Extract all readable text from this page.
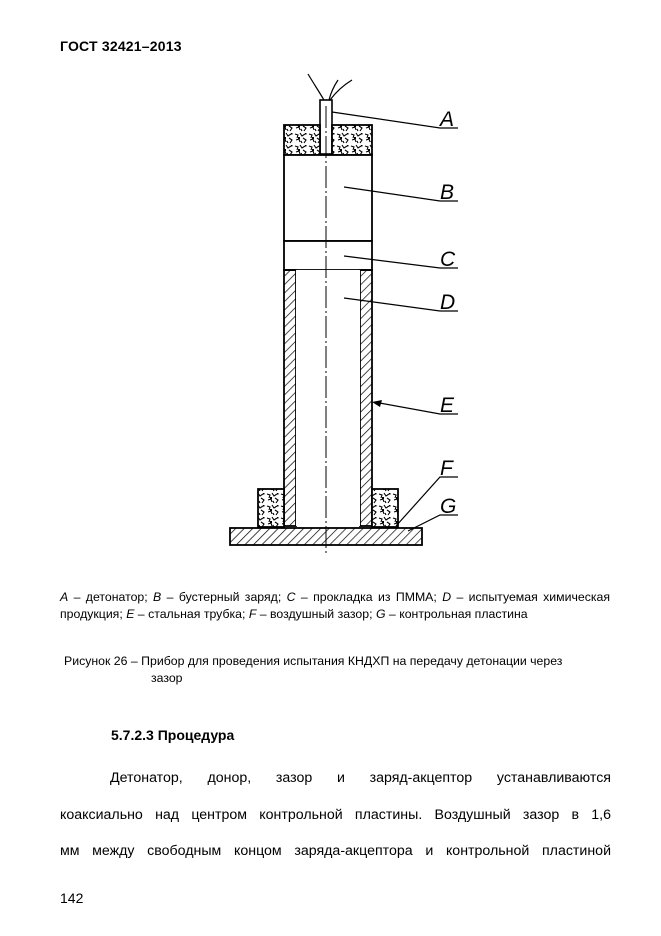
ГОСТ 32421–2013
A
B
C
D
E
F
G
A – детонатор; B – бустерный заряд; C – прокладка из ПММА; D – испытуемая химическая продукция; E – стальная трубка; F – воздушный зазор; G – контрольная пластина
Рисунок 26 – Прибор для проведения испытания КНДХП на передачу детонации через
зазор
5.7.2.3 Процедура
Детонатор, донор, зазор и заряд-акцептор устанавливаются
коаксиально над центром контрольной пластины. Воздушный зазор в 1,6
мм между свободным концом заряда-акцептора и контрольной пластиной
142
